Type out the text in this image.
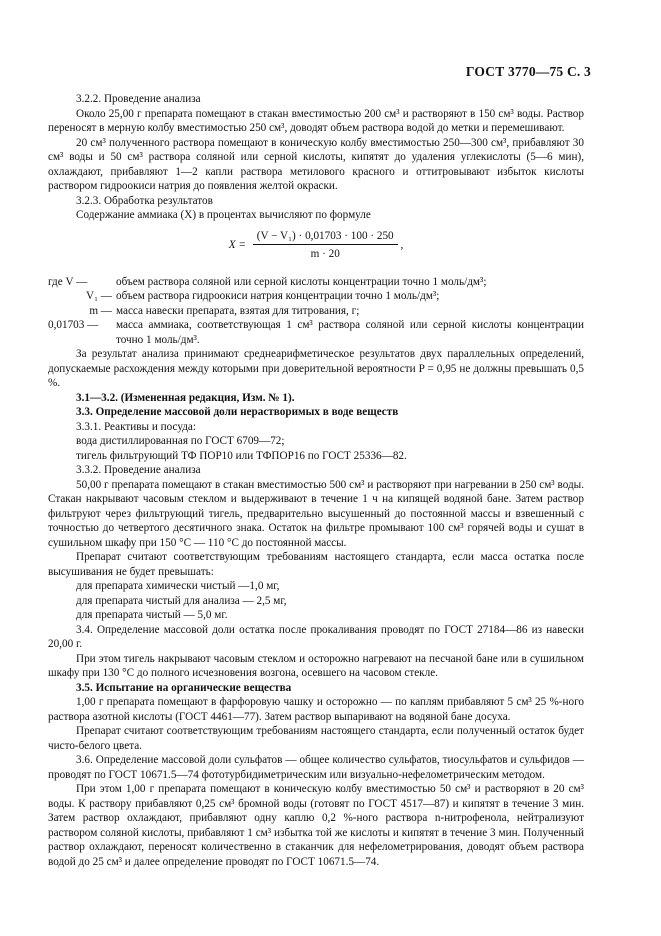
ГОСТ 3770—75 С. 3

3.2.2. Проведение анализа

Около 25,00 г препарата помещают в стакан вместимостью 200 см³ и растворяют в 150 см³ воды. Раствор переносят в мерную колбу вместимостью 250 см³, доводят объем раствора водой до метки и перемешивают.

20 см³ полученного раствора помещают в коническую колбу вместимостью 250—300 см³, прибавляют 30 см³ воды и 50 см³ раствора соляной или серной кислоты, кипятят до удаления углекислоты (5—6 мин), охлаждают, прибавляют 1—2 капли раствора метилового красного и оттитровывают избыток кислоты раствором гидроокиси натрия до появления желтой окраски.

3.2.3. Обработка результатов

Содержание аммиака (X) в процентах вычисляют по формуле

$X = \frac{\text{(V − V₁) · 0,01703 · 100 · 250}}{m \cdot 20}$ ,
где V —	объем раствора соляной или серной кислоты концентрации точно 1 моль/дм³;
V₁ — объем раствора гидроокиси натрия концентрации точно 1 моль/дм³;
m — масса навески препарата, взятая для титрования, г;
0,01703 —	масса аммиака, соответствующая 1 см³ раствора соляной или серной кислоты концентрации точно 1 моль/дм³.

За результат анализа принимают среднеарифметическое результатов двух параллельных определений, допускаемые расхождения между которыми при доверительной вероятности P = 0,95 не должны превышать 0,5 %.

3.1—3.2. (Измененная редакция, Изм. № 1).

3.3. Определение массовой доли нерастворимых в воде веществ

3.3.1. Реактивы и посуда:

вода дистиллированная по ГОСТ 6709—72;

тигель фильтрующий ТФ ПОР10 или ТФПОР16 по ГОСТ 25336—82.

3.3.2. Проведение анализа

50,00 г препарата помещают в стакан вместимостью 500 см³ и растворяют при нагревании в 250 см³ воды. Стакан накрывают часовым стеклом и выдерживают в течение 1 ч на кипящей водяной бане. Затем раствор фильтруют через фильтрующий тигель, предварительно высушенный до постоянной массы и взвешенный с точностью до четвертого десятичного знака. Остаток на фильтре промывают 100 см³ горячей воды и сушат в сушильном шкафу при 150 °С — 110 °С до постоянной массы.

Препарат считают соответствующим требованиям настоящего стандарта, если масса остатка после высушивания не будет превышать:

для препарата химически чистый —1,0 мг,

для препарата чистый для анализа — 2,5 мг,

для препарата чистый — 5,0 мг.

3.4. Определение массовой доли остатка после прокаливания проводят по ГОСТ 27184—86 из навески 20,00 г.

При этом тигель накрывают часовым стеклом и осторожно нагревают на песчаной бане или в сушильном шкафу при 130 °С до полного исчезновения возгона, осевшего на часовом стекле.

3.5. Испытание на органические вещества

1,00 г препарата помещают в фарфоровую чашку и осторожно — по каплям прибавляют 5 см³ 25 %-ного раствора азотной кислоты (ГОСТ 4461—77). Затем раствор выпаривают на водяной бане досуха.

Препарат считают соответствующим требованиям настоящего стандарта, если полученный остаток будет чисто-белого цвета.

3.6. Определение массовой доли сульфатов — общее количество сульфатов, тиосульфатов и сульфидов — проводят по ГОСТ 10671.5—74 фототурбидиметрическим или визуально-нефелометрическим методом.

При этом 1,00 г препарата помещают в коническую колбу вместимостью 50 см³ и растворяют в 20 см³ воды. К раствору прибавляют 0,25 см³ бромной воды (готовят по ГОСТ 4517—87) и кипятят в течение 3 мин. Затем раствор охлаждают, прибавляют одну каплю 0,2 %-ного раствора n-нитрофенола, нейтрализуют раствором соляной кислоты, прибавляют 1 см³ избытка той же кислоты и кипятят в течение 3 мин. Полученный раствор охлаждают, переносят количественно в стаканчик для нефелометрирования, доводят объем раствора водой до 25 см³ и далее определение проводят по ГОСТ 10671.5—74.
